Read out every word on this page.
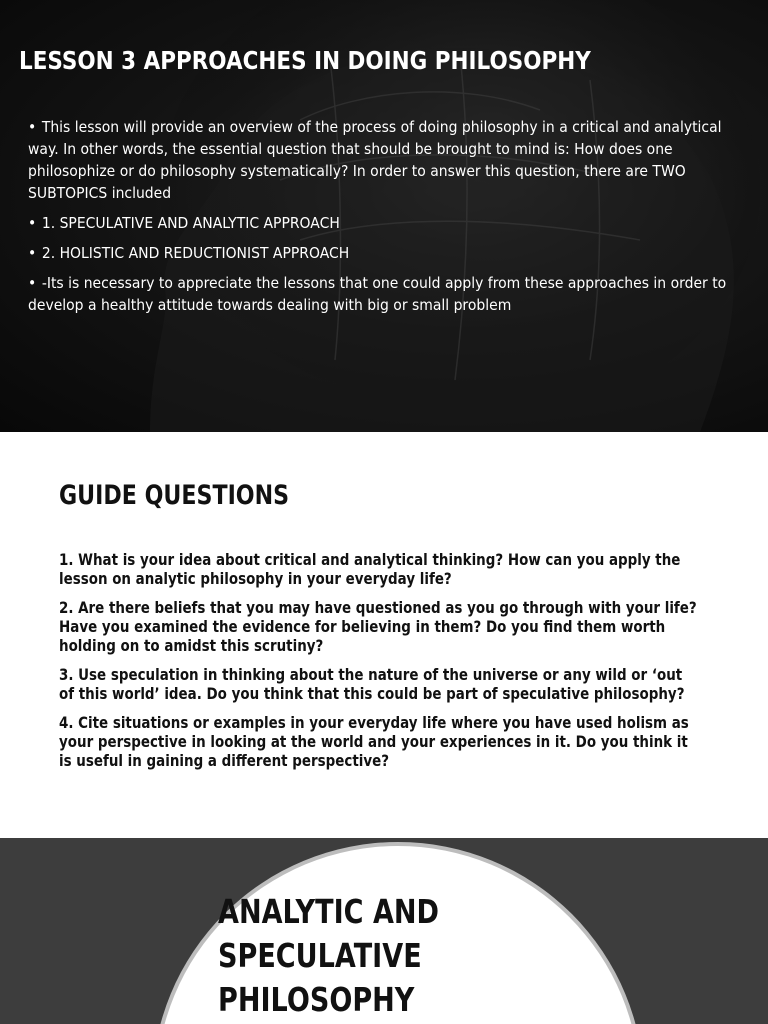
LESSON 3 APPROACHES IN DOING PHILOSOPHY
• This lesson will provide an overview of the process of doing philosophy in a critical and analytical way. In other words, the essential question that should be brought to mind is: How does one philosophize or do philosophy systematically? In order to answer this question, there are TWO SUBTOPICS included
• 1. SPECULATIVE AND ANALYTIC APPROACH
• 2. HOLISTIC AND REDUCTIONIST APPROACH
• -Its is necessary to appreciate the lessons that one could apply from these approaches in order to develop a healthy attitude towards dealing with big or small problem
GUIDE QUESTIONS
1. What is your idea about critical and analytical thinking? How can you apply the lesson on analytic philosophy in your everyday life?
2. Are there beliefs that you may have questioned as you go through with your life? Have you examined the evidence for believing in them? Do you find them worth holding on to amidst this scrutiny?
3. Use speculation in thinking about the nature of the universe or any wild or ‘out of this world’ idea. Do you think that this could be part of speculative philosophy?
4. Cite situations or examples in your everyday life where you have used holism as your perspective in looking at the world and your experiences in it. Do you think it is useful in gaining a different perspective?
ANALYTIC AND
SPECULATIVE
PHILOSOPHY
